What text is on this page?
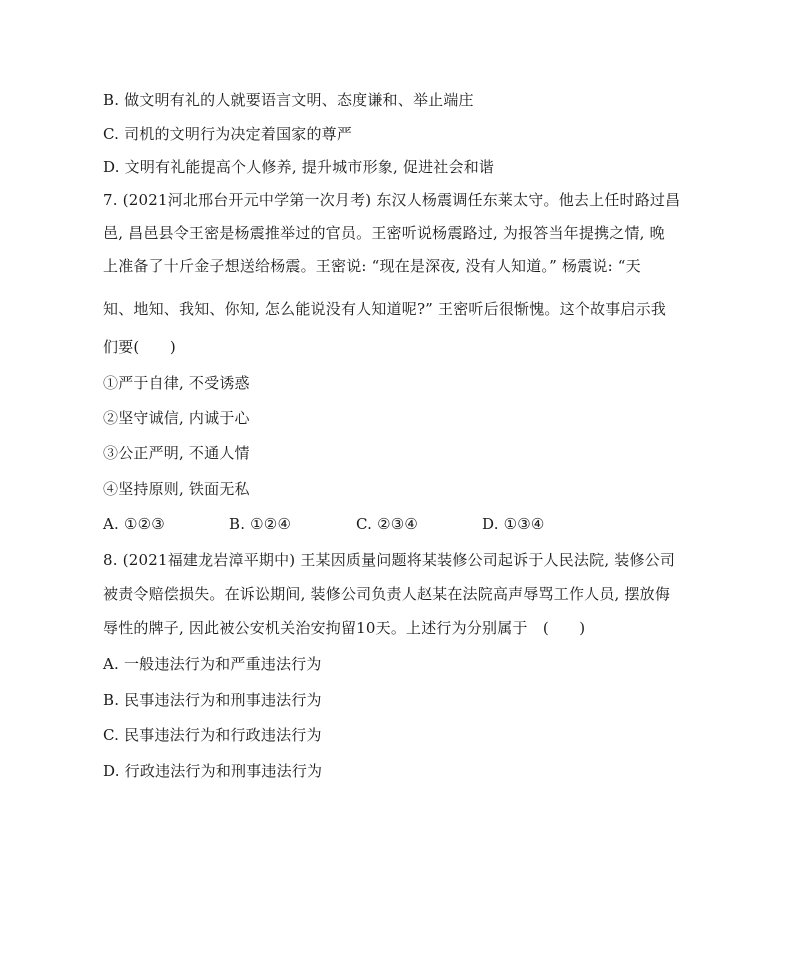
B. 做文明有礼的人就要语言文明、态度谦和、举止端庄
C. 司机的文明行为决定着国家的尊严
D. 文明有礼能提高个人修养, 提升城市形象, 促进社会和谐
7. (2021河北邢台开元中学第一次月考) 东汉人杨震调任东莱太守。他去上任时路过昌
邑, 昌邑县令王密是杨震推举过的官员。王密听说杨震路过, 为报答当年提携之情, 晚
上准备了十斤金子想送给杨震。王密说: “现在是深夜, 没有人知道。” 杨震说: “天
知、地知、我知、你知, 怎么能说没有人知道呢?” 王密听后很惭愧。这个故事启示我
们要(　　)
①严于自律, 不受诱惑
②坚守诚信, 内诚于心
③公正严明, 不通人情
④坚持原则, 铁面无私
A. ①②③	B. ①②④	C. ②③④	D. ①③④
8. (2021福建龙岩漳平期中) 王某因质量问题将某装修公司起诉于人民法院, 装修公司
被责令赔偿损失。在诉讼期间, 装修公司负责人赵某在法院高声辱骂工作人员, 摆放侮
辱性的牌子, 因此被公安机关治安拘留10天。上述行为分别属于　(　　)
A. 一般违法行为和严重违法行为
B. 民事违法行为和刑事违法行为
C. 民事违法行为和行政违法行为
D. 行政违法行为和刑事违法行为
